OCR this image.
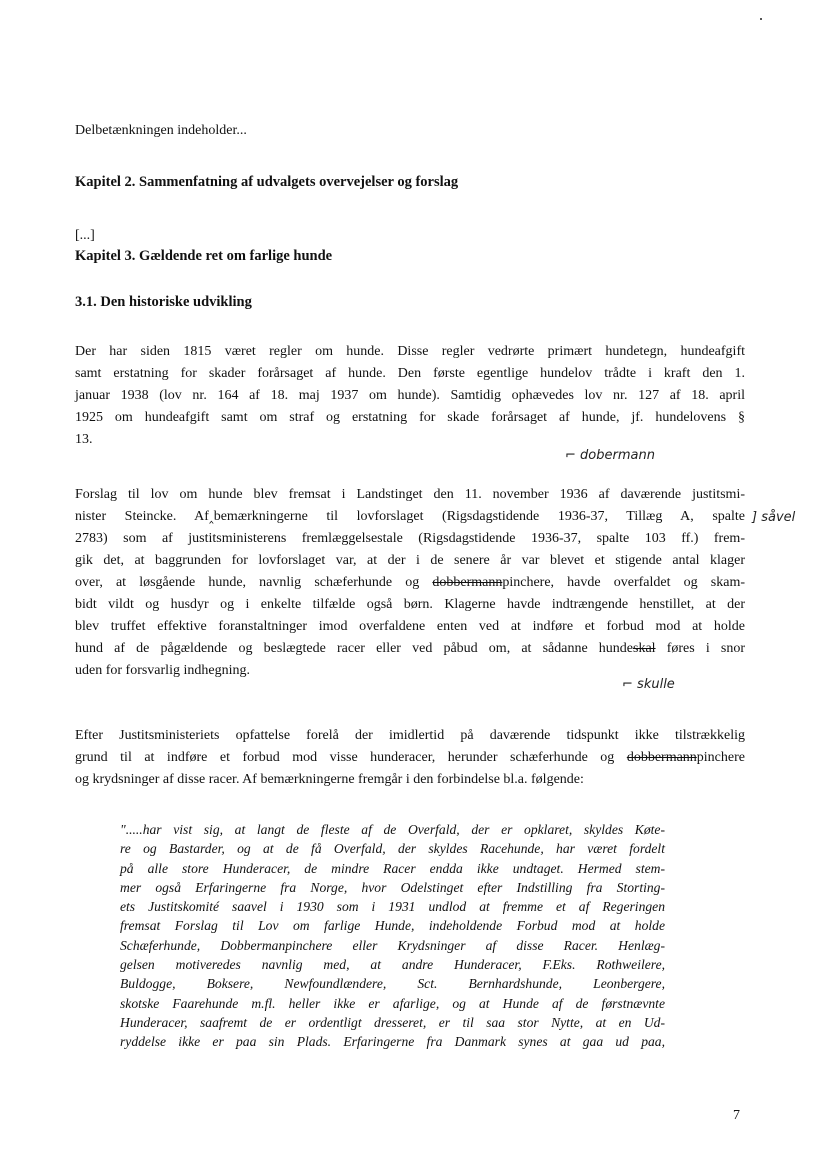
Delbetænkningen indeholder...
Kapitel 2. Sammenfatning af udvalgets overvejelser og forslag
[...]
Kapitel 3. Gældende ret om farlige hunde
3.1. Den historiske udvikling
Der har siden 1815 været regler om hunde. Disse regler vedrørte primært hundetegn, hundeafgift
samt erstatning for skader forårsaget af hunde. Den første egentlige hundelov trådte i kraft den 1.
januar 1938 (lov nr. 164 af 18. maj 1937 om hunde). Samtidig ophævedes lov nr. 127 af 18. april
1925 om hundeafgift samt om straf og erstatning for skade forårsaget af hunde, jf. hundelovens §
13.
⌐ dobermann
Forslag til lov om hunde blev fremsat i Landstinget den 11. november 1936 af daværende justitsmi-
nister Steincke. Af‸bemærkningerne til lovforslaget (Rigsdagstidende 1936-37, Tillæg A, spalte
2783) som af justitsministerens fremlæggelsestale (Rigsdagstidende 1936-37, spalte 103 ff.) frem-
gik det, at baggrunden for lovforslaget var, at der i de senere år var blevet et stigende antal klager
over, at løsgående hunde, navnlig schæferhunde og dobbermannpinchere, havde overfaldet og skam-
bidt vildt og husdyr og i enkelte tilfælde også børn. Klagerne havde indtrængende henstillet, at der
blev truffet effektive foranstaltninger imod overfaldene enten ved at indføre et forbud mod at holde
hund af de pågældende og beslægtede racer eller ved påbud om, at sådanne hundeskal føres i snor
uden for forsvarlig indhegning.
] såvel
⌐ skulle
Efter Justitsministeriets opfattelse forelå der imidlertid på daværende tidspunkt ikke tilstrækkelig
grund til at indføre et forbud mod visse hunderacer, herunder schæferhunde og dobbermannpinchere
og krydsninger af disse racer. Af bemærkningerne fremgår i den forbindelse bl.a. følgende:
".....har vist sig, at langt de fleste af de Overfald, der er opklaret, skyldes Køte-
re og Bastarder, og at de få Overfald, der skyldes Racehunde, har været fordelt
på alle store Hunderacer, de mindre Racer endda ikke undtaget. Hermed stem-
mer også Erfaringerne fra Norge, hvor Odelstinget efter Indstilling fra Storting-
ets Justitskomité saavel i 1930 som i 1931 undlod at fremme et af Regeringen
fremsat Forslag til Lov om farlige Hunde, indeholdende Forbud mod at holde
Schæferhunde, Dobbermanpinchere eller Krydsninger af disse Racer. Henlæg-
gelsen motiveredes navnlig med, at andre Hunderacer, F.Eks. Rothweilere,
Buldogge, Boksere, Newfoundlændere, Sct. Bernhardshunde, Leonbergere,
skotske Faarehunde m.fl. heller ikke er afarlige, og at Hunde af de førstnævnte
Hunderacer, saafremt de er ordentligt dresseret, er til saa stor Nytte, at en Ud-
ryddelse ikke er paa sin Plads. Erfaringerne fra Danmark synes at gaa ud paa,
7
